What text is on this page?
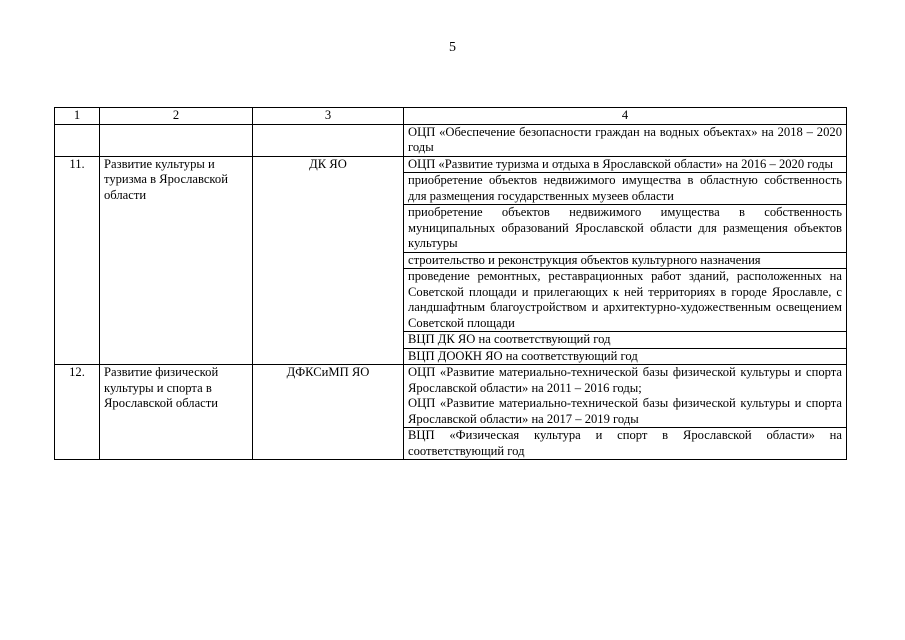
5
1	2	3	4
			ОЦП «Обеспечение безопасности граждан на водных объектах» на 2018 – 2020 годы
11.	Развитие культуры и туризма в Ярославской области	ДК ЯО	ОЦП «Развитие туризма и отдыха в Ярославской области» на 2016 – 2020 годы
			приобретение объектов недвижимого имущества в областную собственность для размещения государственных музеев области
			приобретение объектов недвижимого имущества в собственность муниципальных образований Ярославской области для размещения объектов культуры
			строительство и реконструкция объектов культурного назначения
			проведение ремонтных, реставрационных работ зданий, расположенных на Советской площади и прилегающих к ней территориях в городе Ярославле, с ландшафтным благоустройством и архитектурно-художественным освещением Советской площади
			ВЦП ДК ЯО на соответствующий год
			ВЦП ДООКН ЯО на соответствующий год
12.	Развитие физической культуры и спорта в Ярославской области	ДФКСиМП ЯО	ОЦП «Развитие материально-технической базы физической культуры и спорта Ярославской области» на 2011 – 2016 годы;
ОЦП «Развитие материально-технической базы физической культуры и спорта Ярославской области» на 2017 – 2019 годы

			ВЦП «Физическая культура и спорт в Ярославской области» на соответствующий год
